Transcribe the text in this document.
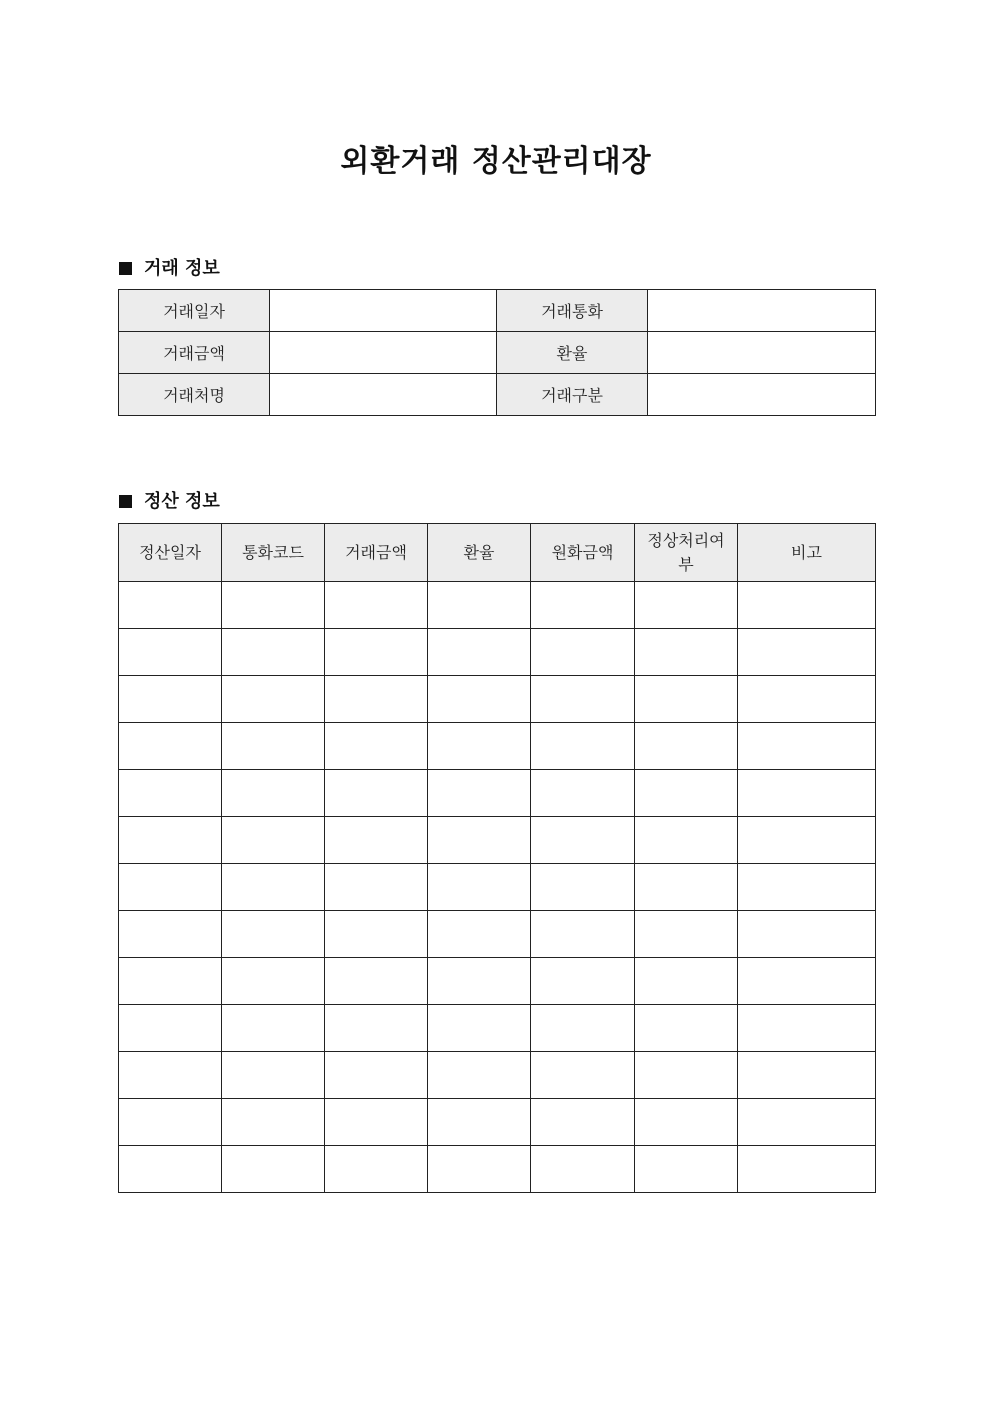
외환거래 정산관리대장
거래 정보
거래일자		거래통화	
거래금액		환율	
거래처명		거래구분	
정산 정보
정산일자	통화코드	거래금액	환율	원화금액	정상처리여부	비고
